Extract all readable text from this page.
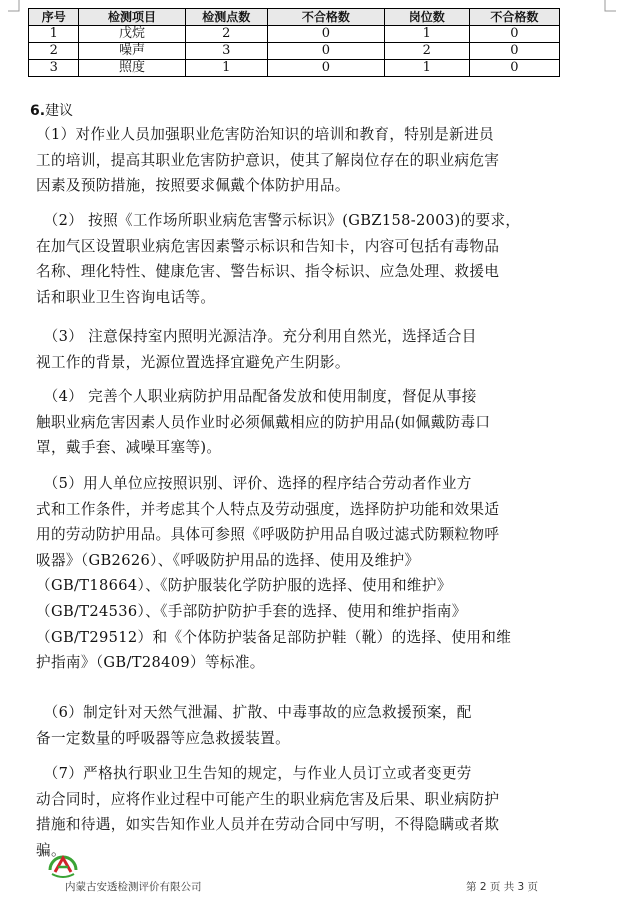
序号	检测项目	检测点数	不合格数	岗位数	不合格数
1	戊烷	2	0	1	0
2	噪声	3	0	2	0
3	照度	1	0	1	0
6.建议

（1）对作业人员加强职业危害防治知识的培训和教育，特别是新进员
工的培训，提高其职业危害防护意识，使其了解岗位存在的职业病危害
因素及预防措施，按照要求佩戴个体防护用品。

　（2） 按照《工作场所职业病危害警示标识》(GBZ158-2003)的要求，
在加气区设置职业病危害因素警示标识和告知卡，内容可包括有毒物品
名称、理化特性、健康危害、警告标识、指令标识、应急处理、救援电
话和职业卫生咨询电话等。

　（3） 注意保持室内照明光源洁净。充分利用自然光，选择适合目
视工作的背景，光源位置选择宜避免产生阴影。

　（4） 完善个人职业病防护用品配备发放和使用制度，督促从事接
触职业病危害因素人员作业时必须佩戴相应的防护用品(如佩戴防毒口
罩，戴手套、减噪耳塞等)。

　（5）用人单位应按照识别、评价、选择的程序结合劳动者作业方
式和工作条件，并考虑其个人特点及劳动强度，选择防护功能和效果适
用的劳动防护用品。具体可参照《呼吸防护用品自吸过滤式防颗粒物呼
吸器》（GB2626）、《呼吸防护用品的选择、使用及维护》
（GB/T18664）、《防护服装化学防护服的选择、使用和维护》
（GB/T24536）、《手部防护防护手套的选择、使用和维护指南》
（GB/T29512）和《个体防护装备足部防护鞋（靴）的选择、使用和维
护指南》（GB/T28409）等标准。

　（6）制定针对天然气泄漏、扩散、中毒事故的应急救援预案，配
备一定数量的呼吸器等应急救援装置。

　（7）严格执行职业卫生告知的规定，与作业人员订立或者变更劳
动合同时，应将作业过程中可能产生的职业病危害及后果、职业病防护
措施和待遇，如实告知作业人员并在劳动合同中写明，不得隐瞒或者欺
骗。

内蒙古安透检测评价有限公司	第 2 页 共 3 页
